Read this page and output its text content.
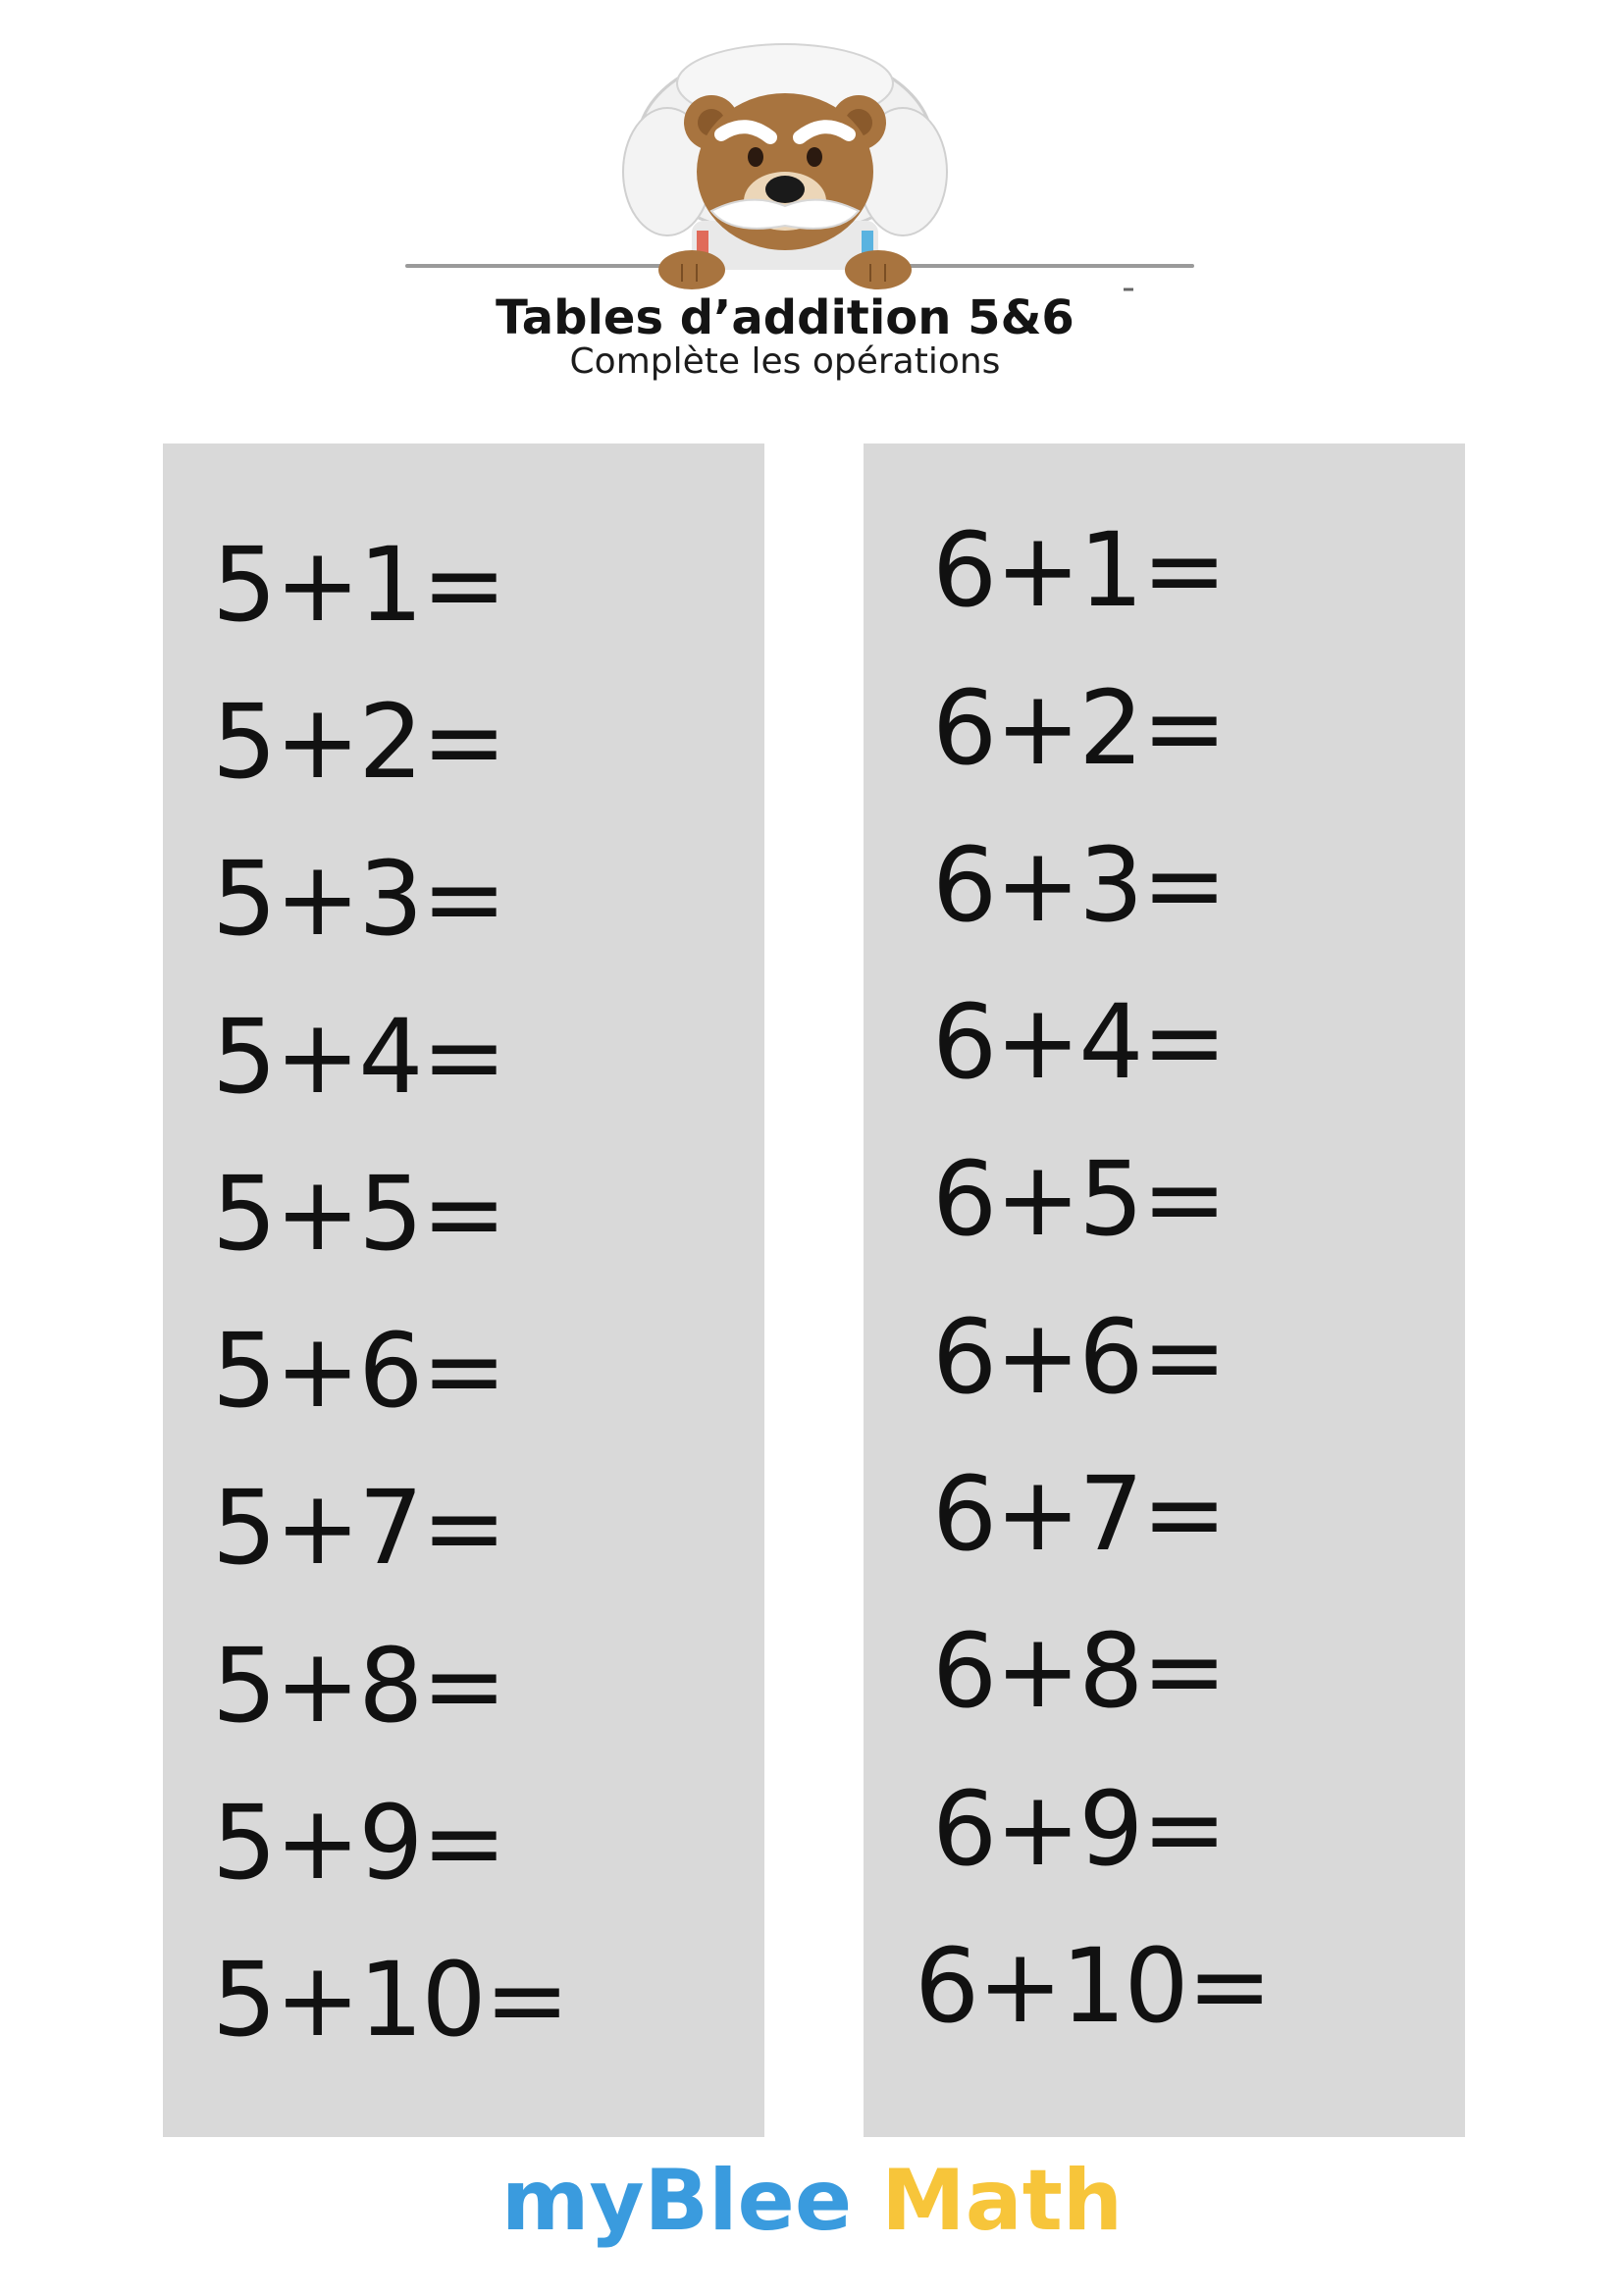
Tables d’addition 5&6
Complète les opérations

5+1=

5+2=

5+3=

5+4=

5+5=

5+6=

5+7=

5+8=

5+9=

5+10=

6+1=

6+2=

6+3=

6+4=

6+5=

6+6=

6+7=

6+8=

6+9=

6+10=

myBlee Math
